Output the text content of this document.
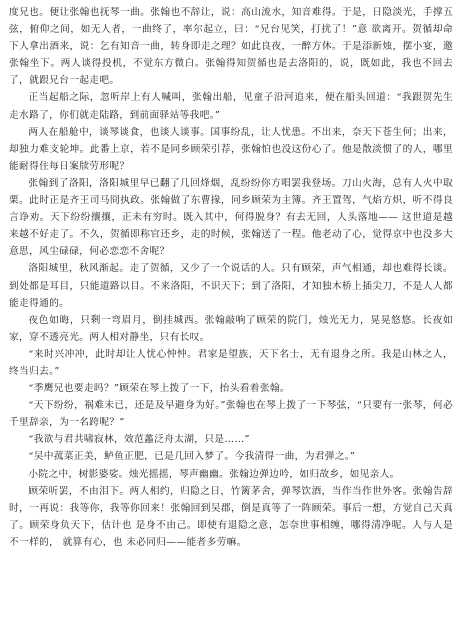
度兄也。便让张翰也抚琴一曲。张翰也不辞让，说：高山流水，知音难得。于是，日隐淡光，手撑五弦，俯仰之间，如无人者，一曲终了，率尔起立，曰：“兄台见笑，打扰了！”意 欲离开。贺循却命下人拿出酒来，说：乞有知音一曲，转身即走之理？如此良夜，一醉方休。于是添新烛，摆小宴，邀张翰坐下。两人谈得投机，不觉东方微白。张翰得知贺循也是去洛阳的，说，既如此，我也不回去了，就跟兄台一起走吧。

正当起船之际，忽听岸上有人喊叫，张翰出船，见童子沿河追来，便在船头回道：“我跟贺先生走水路了，你们就走陆路，到前面驿站等我吧。”

两人在船舱中，谈琴谈食，也谈人谈事。国事纷乱，让人忧患。不出来，奈天下苍生何；出来，却独力难支轮坤。此番上京，若不是同乡顾荣引荐，张翰怕也没这份心了。他是散淡惯了的人，哪里能耐得住每日案牍劳形呢？

张翰到了洛阳，洛阳城里早已翻了几回烽烟，乱纷纷你方唱罢我登场。刀山火海，总有人火中取栗。此时正是齐王司马冏执政。张翰做了东曹掾，同乡顾荣为主簿。齐王置驾，气焰方炽，听不得良言诤劝。天下纷纷攘攘，正未有穷时。既入其中，何得脱身？有去无回，人头落地—— 这世道是越来越不好走了。不久，贺循即称官还乡，走的时候，张翰送了一程。他老动了心，觉得京中也没多大意思，风尘碌碌，何必恋恋不舍呢？

洛阳城里，秋风渐起。走了贺循，又少了一个说话的人。只有顾荣，声气相通，却也难得长谈。到处都是耳目，只能道路以目。不来洛阳，不识天下；到了洛阳，才知独木桥上插尖刀，不是人人都能走得通的。

夜色如晦，只剩一弯眉月，倒挂城西。张翰敲响了顾荣的院门，烛光无力，晃晃悠悠。长夜如家，穿不透亮光。两人相对静坐，只有长叹。

“来时兴冲冲，此时却让人忧心忡忡。君家是望族，天下名士，无有退身之所。我是山林之人，终当归去。”

“季鹰兄也要走吗？”顾荣在琴上拨了一下，抬头看着张翰。

“天下纷纷，祸难未已，还是及早避身为好。”张翰也在琴上拨了一下琴弦，“只要有一张琴，何必千里辞亲，为一名跨呢？”

“我欲与君共啸寂林，效范蠡泛舟太湖，只是……”

“吴中菰菜正美，鲈鱼正肥，已是几回入梦了。今我清得一曲，为君弹之。”

小院之中，树影婆娑。烛光摇摇，琴声幽幽。张翰边弹边吟，如归故乡，如见亲人。

顾荣听罢，不由泪下。两人相约，归隐之日，竹篱茅舍，弹琴饮酒，当作当作世外客。张翰告辞时，一再说：我等你，我等你回来！张翰回到吴郡，倒是真等了一阵顾荣。事后一想，方觉自己天真了。顾荣身负天下，估计也 是身不由己。即使有退隐之意，怎奈世事相缠，哪得清净呢。人与人是不一样的， 就算有心，也 未必同归——能者多劳嘛。
